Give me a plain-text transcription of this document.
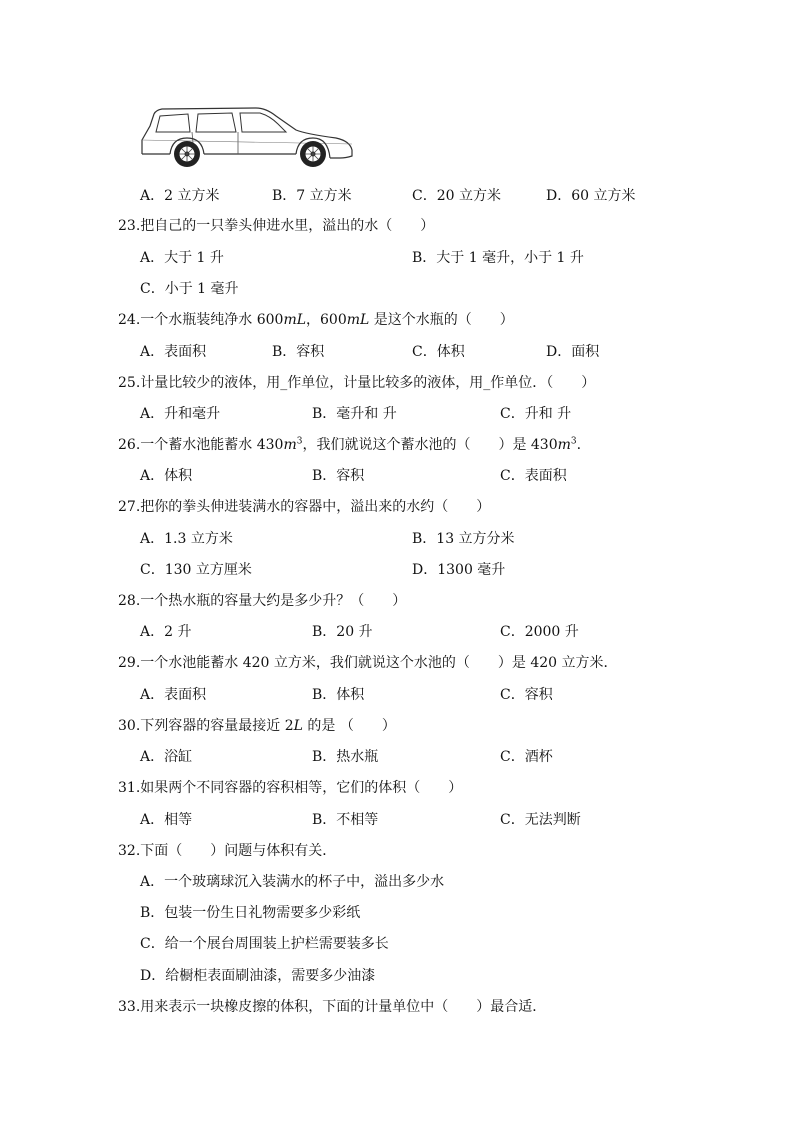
A．2 立方米	B．7 立方米	C．20 立方米	D．60 立方米
23.把自己的一只拳头伸进水里，溢出的水（　　）
A．大于 1 升	B．大于 1 毫升，小于 1 升
C．小于 1 毫升
24.一个水瓶装纯净水 600mL，600mL 是这个水瓶的（　　）
A．表面积	B．容积	C．体积	D．面积
25.计量比较少的液体，用_作单位，计量比较多的液体，用_作单位．（　　）
A．升和毫升	B．毫升和 升	C．升和 升
26.一个蓄水池能蓄水 $430m^3$，我们就说这个蓄水池的（　　）是 $430m^3$.
A．体积	B．容积	C．表面积
27.把你的拳头伸进装满水的容器中，溢出来的水约（　　）
A．1.3 立方米	B．13 立方分米
C．130 立方厘米	D．1300 毫升
28.一个热水瓶的容量大约是多少升？（　　）
A．2 升	B．20 升	C．2000 升
29.一个水池能蓄水 420 立方米，我们就说这个水池的（　　）是 420 立方米．
A．表面积	B．体积	C．容积
30.下列容器的容量最接近 2L 的是 （　　）
A．浴缸	B．热水瓶	C．酒杯
31.如果两个不同容器的容积相等，它们的体积（　　）
A．相等	B．不相等	C．无法判断
32.下面（　　）问题与体积有关．
A．一个玻璃球沉入装满水的杯子中，溢出多少水
B．包装一份生日礼物需要多少彩纸
C．给一个展台周围装上护栏需要装多长
D．给橱柜表面刷油漆，需要多少油漆
33.用来表示一块橡皮擦的体积，下面的计量单位中（　　）最合适．
